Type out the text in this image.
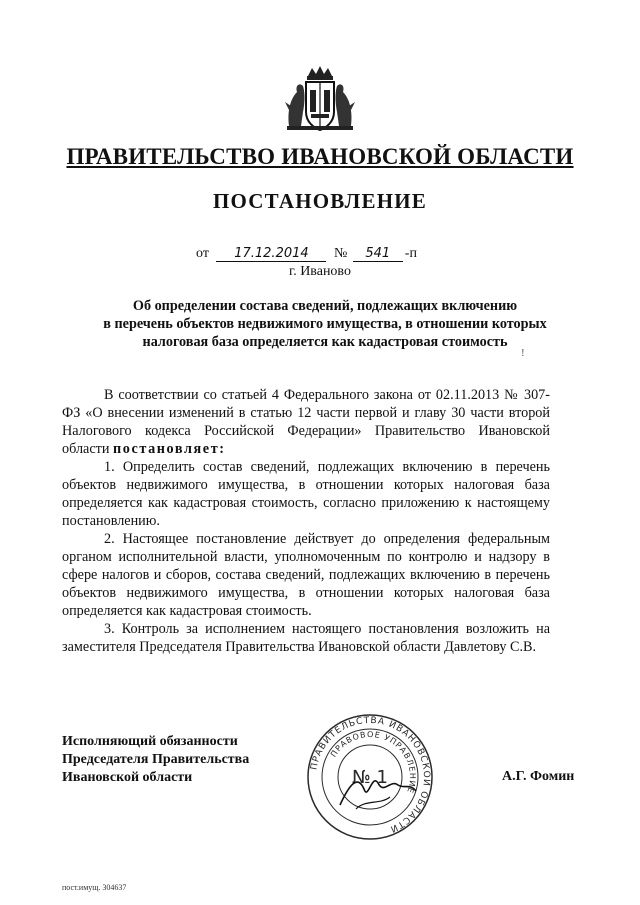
ПРАВИТЕЛЬСТВО ИВАНОВСКОЙ ОБЛАСТИ
ПОСТАНОВЛЕНИЕ
от 17.12.2014 № 541 -п
г. Иваново
Об определении состава сведений, подлежащих включению
в перечень объектов недвижимого имущества, в отношении которых
налоговая база определяется как кадастровая стоимость
!

В соответствии со статьей 4 Федерального закона от 02.11.2013 № 307-ФЗ «О внесении изменений в статью 12 части первой и главу 30 части второй Налогового кодекса Российской Федерации» Правительство Ивановской области постановляет:

1. Определить состав сведений, подлежащих включению в перечень объектов недвижимого имущества, в отношении которых налоговая база определяется как кадастровая стоимость, согласно приложению к настоящему постановлению.

2. Настоящее постановление действует до определения федеральным органом исполнительной власти, уполномоченным по контролю и надзору в сфере налогов и сборов, состава сведений, подлежащих включению в перечень объектов недвижимого имущества, в отношении которых налоговая база определяется как кадастровая стоимость.

3. Контроль за исполнением настоящего постановления возложить на заместителя Председателя Правительства Ивановской области Давлетову С.В.

Исполняющий обязанности
Председателя Правительства
Ивановской области
ПРАВИТЕЛЬСТВА ИВАНОВСКОЙ ОБЛАСТИ
ПРАВОВОЕ УПРАВЛЕНИЕ
№ 1	А.Г. Фомин
пост.имущ. 304637
